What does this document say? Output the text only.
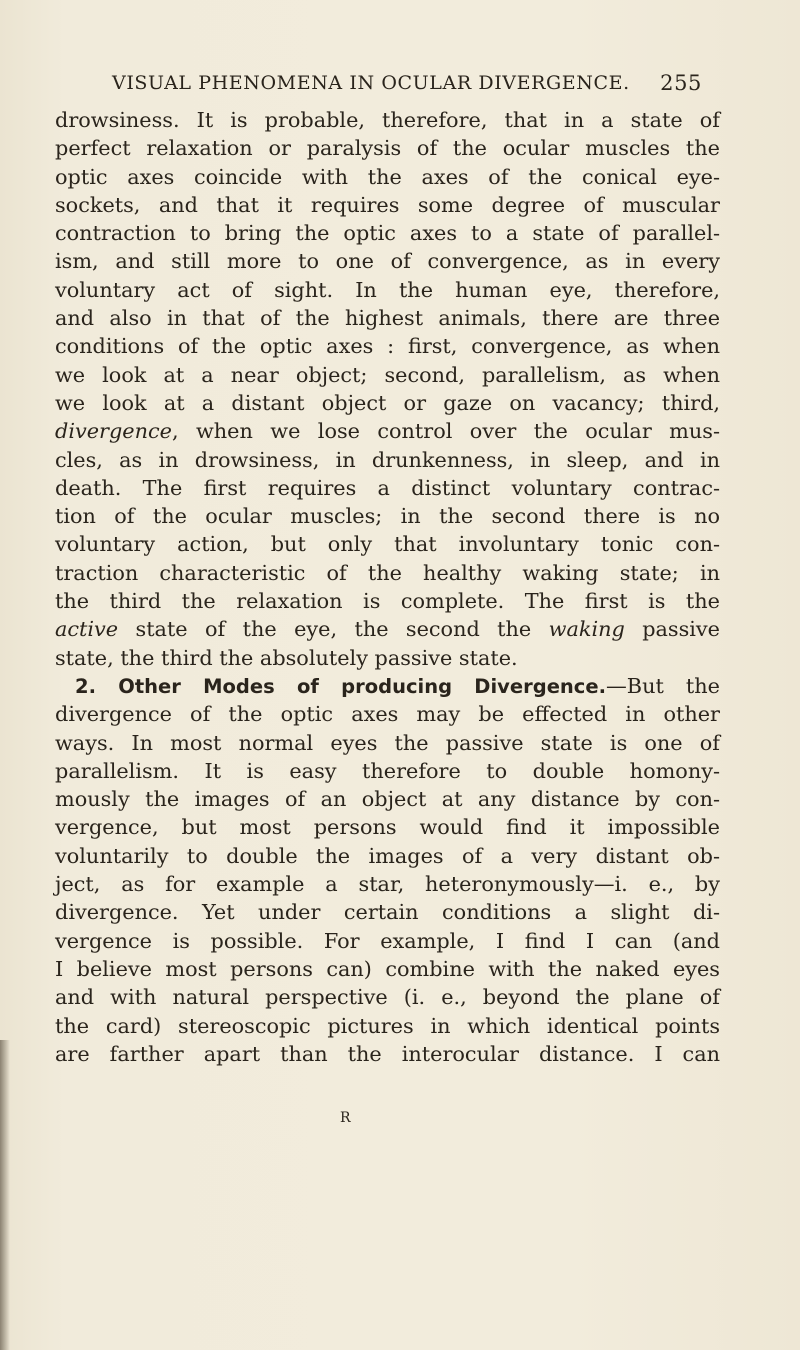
VISUAL PHENOMENA IN OCULAR DIVERGENCE. 255
drowsiness. It is probable, therefore, that in a state of
perfect relaxation or paralysis of the ocular muscles the
optic axes coincide with the axes of the conical eye-
sockets, and that it requires some degree of muscular
contraction to bring the optic axes to a state of parallel-
ism, and still more to one of convergence, as in every
voluntary act of sight. In the human eye, therefore,
and also in that of the highest animals, there are three
conditions of the optic axes : first, convergence, as when
we look at a near object; second, parallelism, as when
we look at a distant object or gaze on vacancy; third,
divergence, when we lose control over the ocular mus-
cles, as in drowsiness, in drunkenness, in sleep, and in
death. The first requires a distinct voluntary contrac-
tion of the ocular muscles; in the second there is no
voluntary action, but only that involuntary tonic con-
traction characteristic of the healthy waking state; in
the third the relaxation is complete. The first is the
active state of the eye, the second the waking passive
state, the third the absolutely passive state.
2. Other Modes of producing Divergence.—But the
divergence of the optic axes may be effected in other
ways. In most normal eyes the passive state is one of
parallelism. It is easy therefore to double homony-
mously the images of an object at any distance by con-
vergence, but most persons would find it impossible
voluntarily to double the images of a very distant ob-
ject, as for example a star, heteronymously—i. e., by
divergence. Yet under certain conditions a slight di-
vergence is possible. For example, I find I can (and
I believe most persons can) combine with the naked eyes
and with natural perspective (i. e., beyond the plane of
the card) stereoscopic pictures in which identical points
are farther apart than the interocular distance. I can
R
